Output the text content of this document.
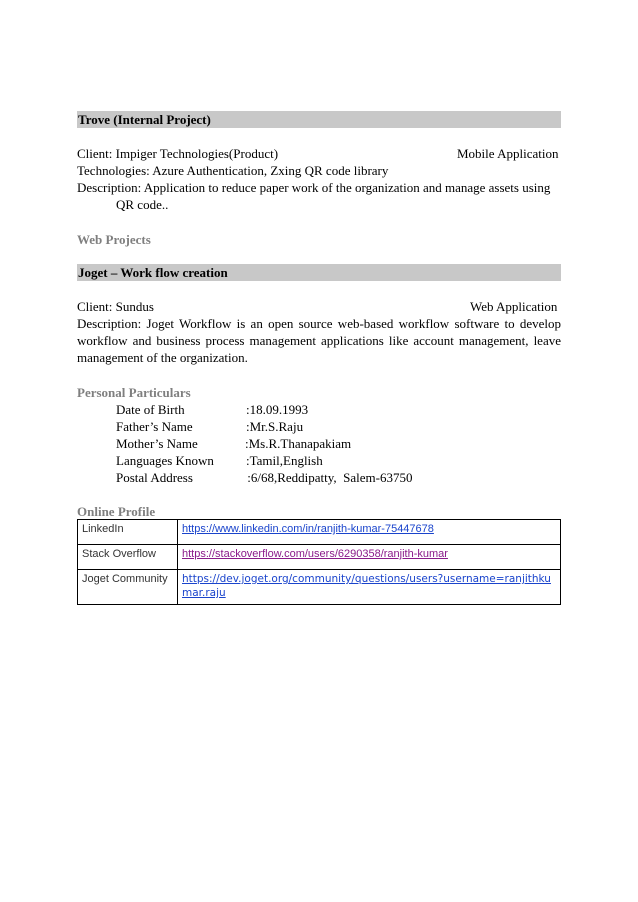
Trove (Internal Project)
Client: Impiger Technologies(Product)	Mobile Application
Technologies: Azure Authentication, Zxing QR code library
Description: Application to reduce paper work of the organization and manage assets using
QR code..
Web Projects
Joget – Work flow creation
Client: Sundus	Web Application
Description: Joget Workflow is an open source web-based workflow software to develop workflow and business process management applications like account management, leave management of the organization.
Personal Particulars
Date of Birth	:18.09.1993
Father’s Name	:Mr.S.Raju
Mother’s Name	:Ms.R.Thanapakiam
Languages Known :Tamil,English
Postal Address	:6/68,Reddipatty,  Salem-63750
Online Profile
LinkedIn	https://www.linkedin.com/in/ranjith-kumar-75447678
Stack Overflow	https://stackoverflow.com/users/6290358/ranjith-kumar
Joget Community	https://dev.joget.org/community/questions/users?username=ranjithkumar.raju
